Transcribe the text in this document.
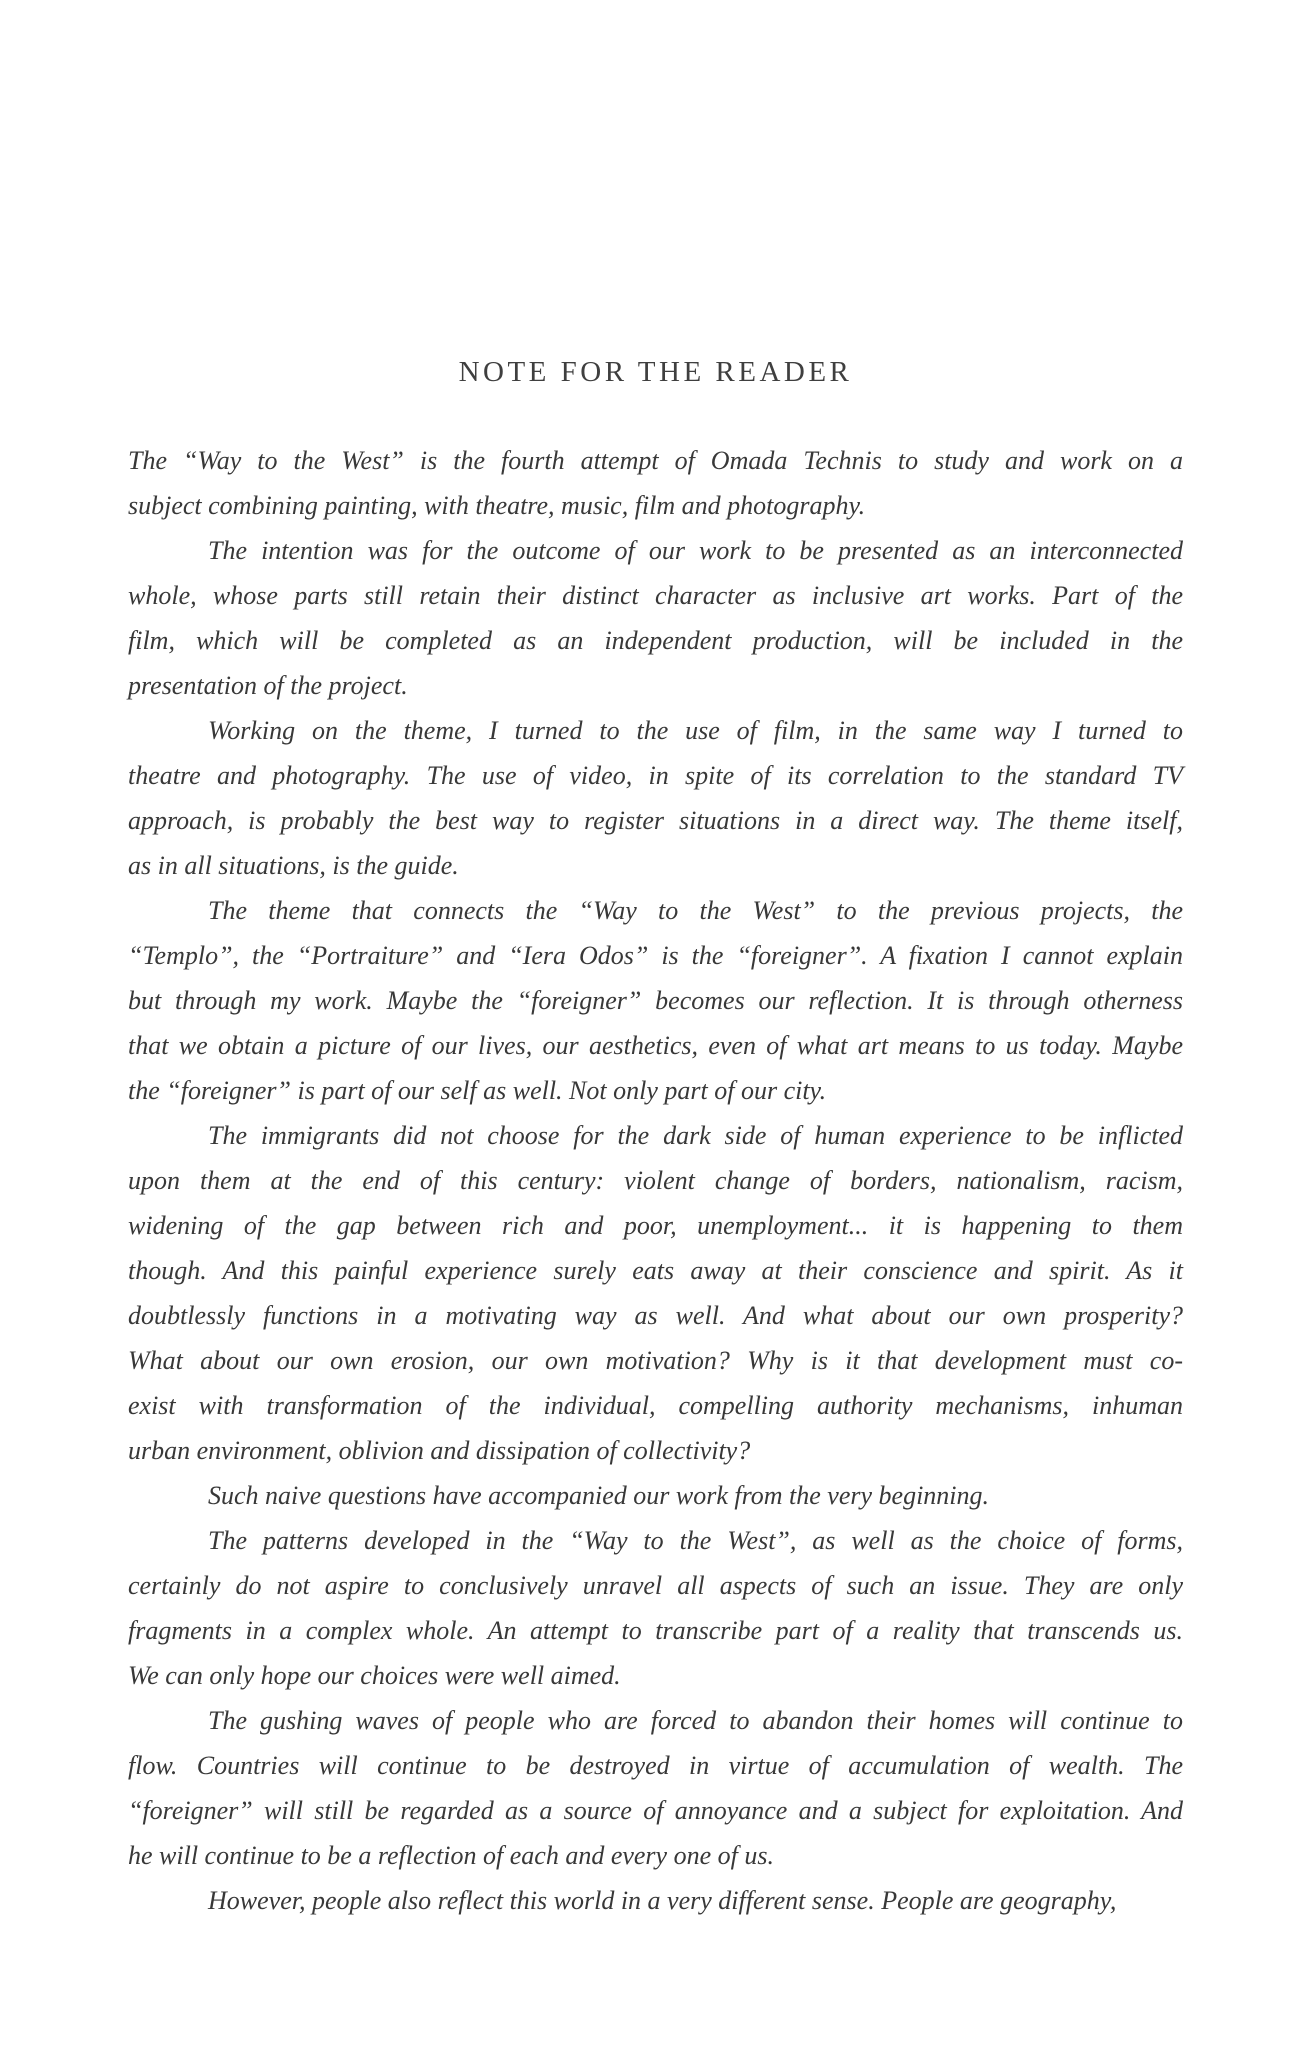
NOTE FOR THE READER

The “Way to the West” is the fourth attempt of Omada Technis to study and work on a
subject combining painting, with theatre, music, film and photography.

The intention was for the outcome of our work to be presented as an interconnected
whole, whose parts still retain their distinct character as inclusive art works. Part of the
film, which will be completed as an independent production, will be included in the
presentation of the project.

Working on the theme, I turned to the use of film, in the same way I turned to
theatre and photography. The use of video, in spite of its correlation to the standard TV
approach, is probably the best way to register situations in a direct way. The theme itself,
as in all situations, is the guide.

The theme that connects the “Way to the West” to the previous projects, the
“Templo”, the “Portraiture” and “Iera Odos” is the “foreigner”. A fixation I cannot explain
but through my work. Maybe the “foreigner” becomes our reflection. It is through otherness
that we obtain a picture of our lives, our aesthetics, even of what art means to us today. Maybe
the “foreigner” is part of our self as well. Not only part of our city.

The immigrants did not choose for the dark side of human experience to be inflicted
upon them at the end of this century: violent change of borders, nationalism, racism,
widening of the gap between rich and poor, unemployment... it is happening to them
though. And this painful experience surely eats away at their conscience and spirit. As it
doubtlessly functions in a motivating way as well. And what about our own prosperity?
What about our own erosion, our own motivation? Why is it that development must co-
exist with transformation of the individual, compelling authority mechanisms, inhuman
urban environment, oblivion and dissipation of collectivity?

Such naive questions have accompanied our work from the very beginning.

The patterns developed in the “Way to the West”, as well as the choice of forms,
certainly do not aspire to conclusively unravel all aspects of such an issue. They are only
fragments in a complex whole. An attempt to transcribe part of a reality that transcends us.
We can only hope our choices were well aimed.

The gushing waves of people who are forced to abandon their homes will continue to
flow. Countries will continue to be destroyed in virtue of accumulation of wealth. The
“foreigner” will still be regarded as a source of annoyance and a subject for exploitation. And
he will continue to be a reflection of each and every one of us.

However, people also reflect this world in a very different sense. People are geography,
